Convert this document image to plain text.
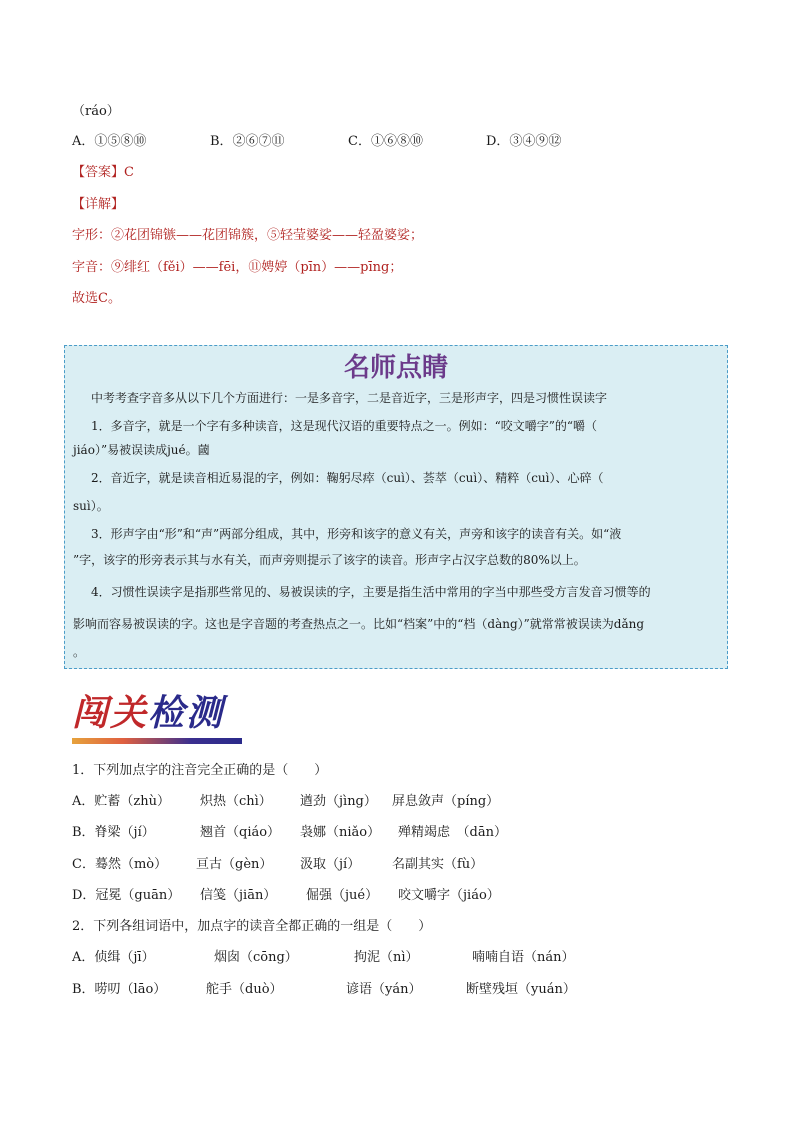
（ráo）
A．①⑤⑧⑩	B．②⑥⑦⑪	C．①⑥⑧⑩	D．③④⑨⑫
【答案】C
【详解】
字形：②花团锦镞——花团锦簇，⑤轻莹婆娑——轻盈婆娑；
字音：⑨绯红（fěi）——fēi，⑪娉婷（pīn）——pīng；
故选C。
名师点睛
中考考查字音多从以下几个方面进行：一是多音字，二是音近字，三是形声字，四是习惯性误读字
1．多音字，就是一个字有多种读音，这是现代汉语的重要特点之一。例如：“咬文嚼字”的“嚼（
jiáo）”易被误读成jué。蔮
2．音近字，就是读音相近易混的字，例如：鞠躬尽瘁（cuì）、荟萃（cuì）、精粹（cuì）、心碎（
suì）。
3．形声字由“形”和“声”两部分组成，其中，形旁和该字的意义有关，声旁和该字的读音有关。如“液
”字，该字的形旁表示其与水有关，而声旁则提示了该字的读音。形声字占汉字总数的80%以上。
4．习惯性误读字是指那些常见的、易被误读的字，主要是指生活中常用的字当中那些受方言发音习惯等的
影响而容易被误读的字。这也是字音题的考查热点之一。比如“档案”中的“档（dàng）”就常常被误读为dǎng
。
闯关检测
1．下列加点字的注音完全正确的是（　　）
A．贮蓄（zhù） 炽热（chì） 遒劲（jìng） 屏息敛声（píng）
B．脊梁（jí）	翘首（qiáo） 袅娜（niǎo） 殚精竭虑　（dān）
C．蓦然（mò） 亘古（gèn） 汲取（jí） 名副其实（fù）
D．冠冕（guān） 信笺（jiān） 倔强（jué） 咬文嚼字（jiáo）
2．下列各组词语中，加点字的读音全都正确的一组是（　　）
A．侦缉（jī）	烟囱（cōng）	拘泥（nì）	喃喃自语（nán）
B．唠叨（lāo）	舵手（duò）	谚语（yán）	断壁残垣（yuán）
